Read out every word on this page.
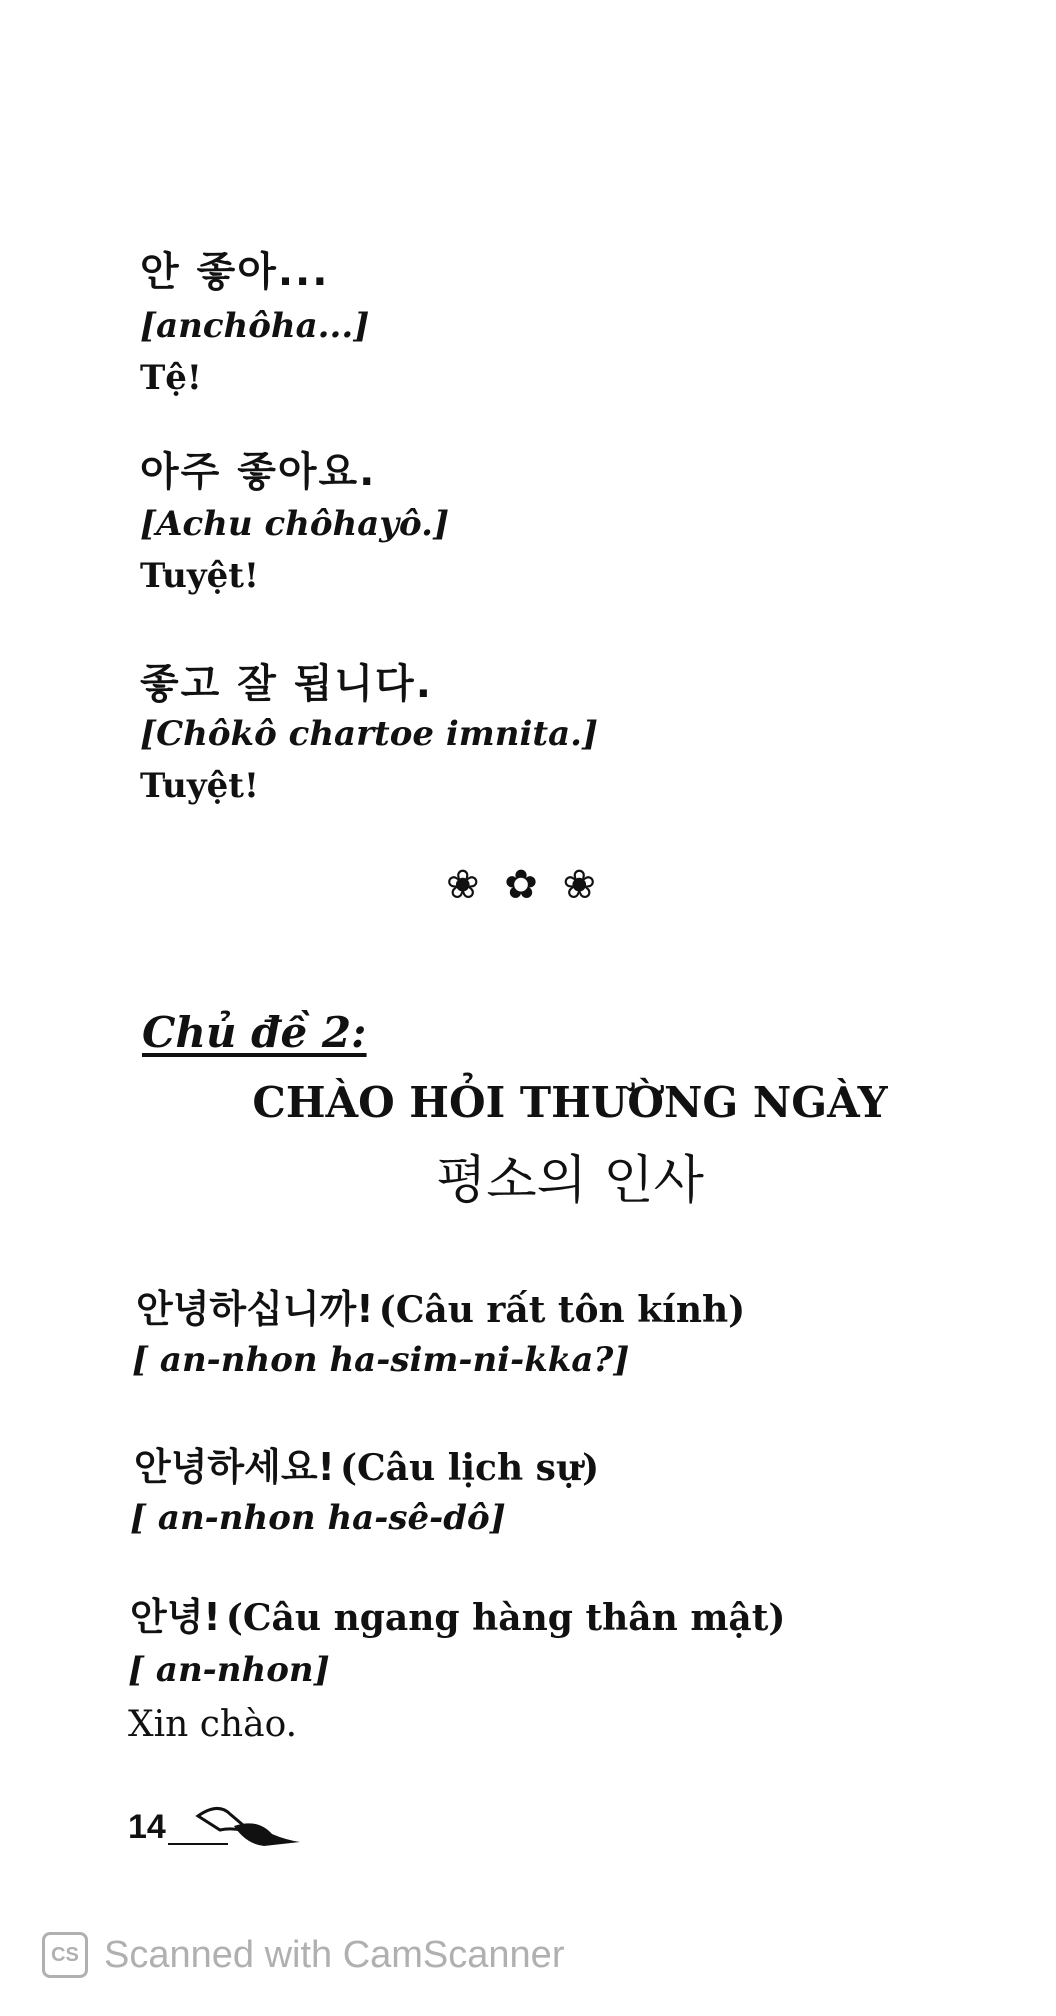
안 좋아...
[anchôha...]
Tệ!
아주 좋아요.
[Achu chôhayô.]
Tuyệt!
좋고 잘 됩니다.
[Chôkô chartoe imnita.]
Tuyệt!
❀ ✿ ❀
Chủ đề 2:
CHÀO HỎI THƯỜNG NGÀY
평소의 인사
안녕하십니까! (Câu rất tôn kính)
[ an-nhon ha-sim-ni-kka?]
안녕하세요! (Câu lịch sự)
[ an-nhon ha-sê-dô]
안녕! (Câu ngang hàng thân mật)
[ an-nhon]
Xin chào.
14
CS Scanned with CamScanner
